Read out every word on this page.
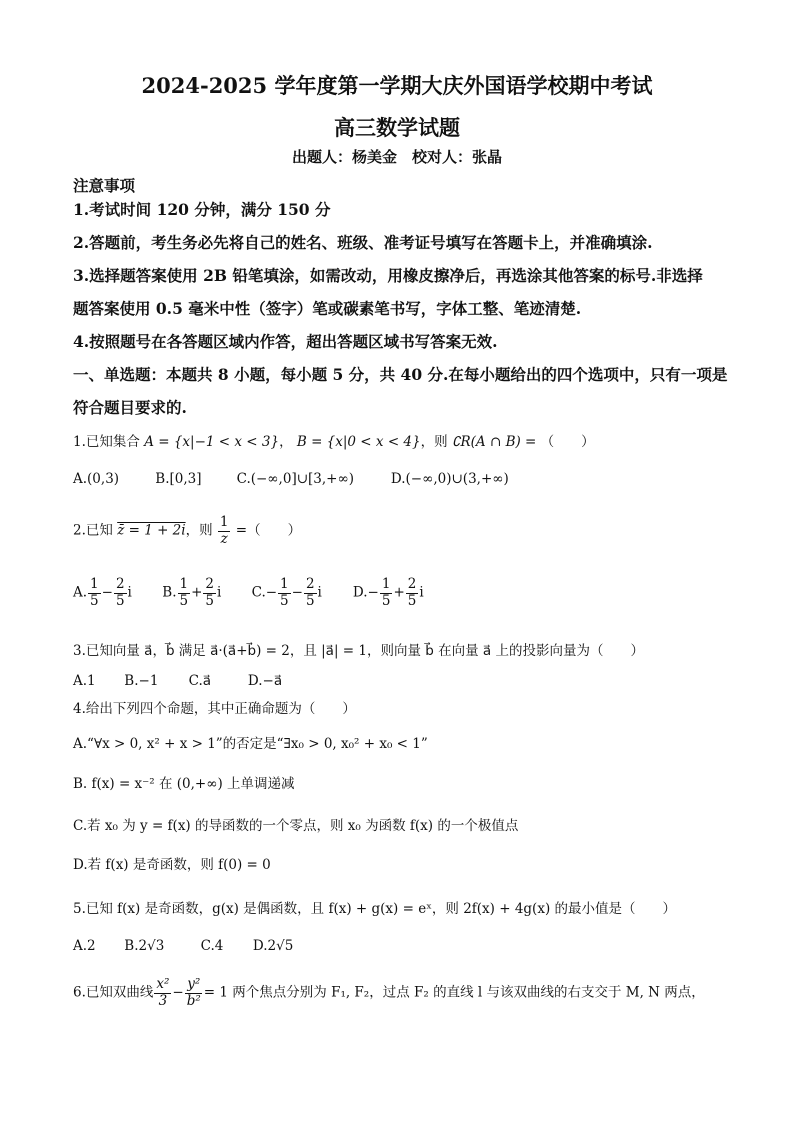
2024-2025 学年度第一学期大庆外国语学校期中考试
高三数学试题
出题人：杨美金　校对人：张晶
注意事项
1.考试时间 120 分钟，满分 150 分
2.答题前，考生务必先将自己的姓名、班级、准考证号填写在答题卡上，并准确填涂.
3.选择题答案使用 2B 铅笔填涂，如需改动，用橡皮擦净后，再选涂其他答案的标号.非选择
题答案使用 0.5 毫米中性（签字）笔或碳素笔书写，字体工整、笔迹清楚.
4.按照题号在各答题区域内作答，超出答题区域书写答案无效.
一、单选题：本题共 8 小题，每小题 5 分，共 40 分.在每小题给出的四个选项中，只有一项是
符合题目要求的.
1.已知集合 A = {x|−1 < x < 3}， B = {x|0 < x < 4}，则 ∁R(A ∩ B) = （　　）
A.(0,3)	B.[0,3]	C.(−∞,0]∪[3,+∞)	D.(−∞,0)∪(3,+∞)
2.已知 z̄ = 1 + 2i，则 $\frac{1}{z}$ =（　　）
A. $\frac{1}{5} - \frac{2}{5}$ i B. $\frac{1}{5} + \frac{2}{5}$ i $C.- \frac{1}{5} - \frac{2}{5}$ i $D.- \frac{1}{5} + \frac{2}{5}$ i
3.已知向量 a⃗，b⃗ 满足 a⃗·(a⃗+b⃗) = 2，且 |a⃗| = 1，则向量 b⃗ 在向量 a⃗ 上的投影向量为（　　）
A.1 B.−1 C.a⃗	D.−a⃗
4.给出下列四个命题，其中正确命题为（　　）
A.“∀x > 0, x² + x > 1”的否定是“∃x₀ > 0, x₀² + x₀ < 1”
B. f(x) = x⁻² 在 (0,+∞) 上单调递减
C.若 x₀ 为 y = f(x) 的导函数的一个零点，则 x₀ 为函数 f(x) 的一个极值点
D.若 f(x) 是奇函数，则 f(0) = 0
5.已知 f(x) 是奇函数，g(x) 是偶函数，且 f(x) + g(x) = eˣ，则 2f(x) + 4g(x) 的最小值是（　　）
A.2 B.2√3	C.4 D.2√5
6.已知双曲线 $\frac{\text{x²}}{3} - \frac{\text{y²}}{\text{b²}} = 1$ 两个焦点分别为 F₁, F₂，过点 F₂ 的直线 l 与该双曲线的右支交于 M, N 两点，
